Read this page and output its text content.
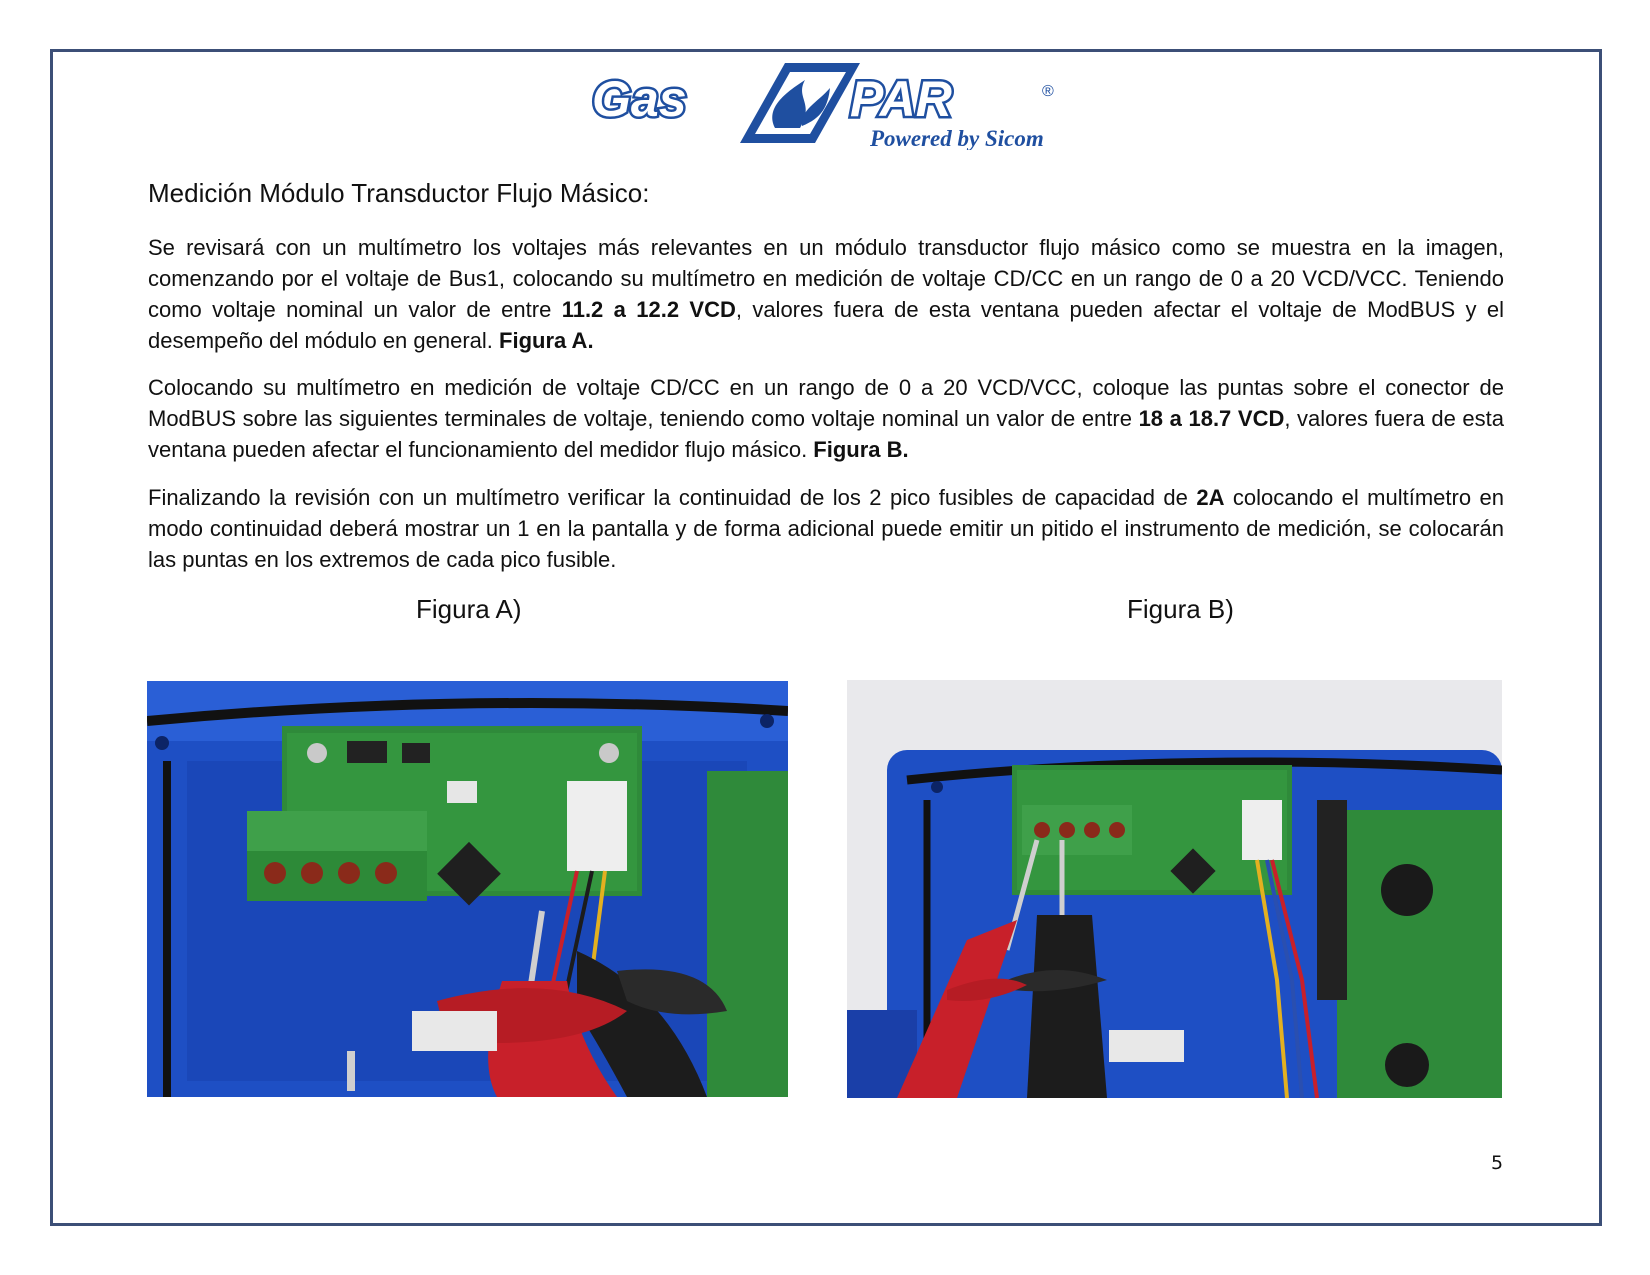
Gas	PAR	®
Powered by Sicom
Medición Módulo Transductor Flujo Másico:

Se revisará con un multímetro los voltajes más relevantes en un módulo transductor flujo másico como se muestra en la imagen, comenzando por el voltaje de Bus1, colocando su multímetro en medición de voltaje CD/CC en un rango de 0 a 20 VCD/VCC. Teniendo como voltaje nominal un valor de entre 11.2 a 12.2 VCD, valores fuera de esta ventana pueden afectar el voltaje de ModBUS y el desempeño del módulo en general. Figura A.

Colocando su multímetro en medición de voltaje CD/CC en un rango de 0 a 20 VCD/VCC, coloque las puntas sobre el conector de ModBUS sobre las siguientes terminales de voltaje, teniendo como voltaje nominal un valor de entre 18 a 18.7 VCD, valores fuera de esta ventana pueden afectar el funcionamiento del medidor flujo másico. Figura B.

Finalizando la revisión con un multímetro verificar la continuidad de los 2 pico fusibles de capacidad de 2A colocando el multímetro en modo continuidad deberá mostrar un 1 en la pantalla y de forma adicional puede emitir un pitido el instrumento de medición, se colocarán las puntas en los extremos de cada pico fusible.

Figura A)	Figura B)
5
